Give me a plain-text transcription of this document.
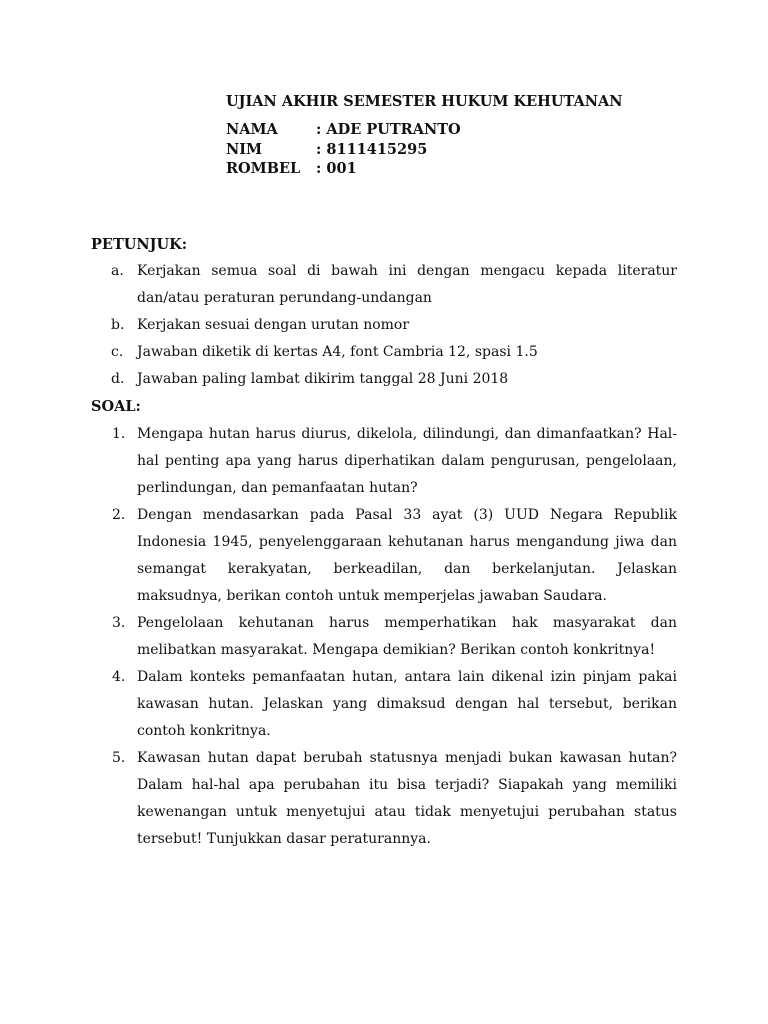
UJIAN AKHIR SEMESTER HUKUM KEHUTANAN
NAMA	: ADE PUTRANTO
NIM	: 8111415295
ROMBEL : 001
PETUNJUK:
a. Kerjakan semua soal di bawah ini dengan mengacu kepada literatur dan/atau peraturan perundang-undangan
b. Kerjakan sesuai dengan urutan nomor
c. Jawaban diketik di kertas A4, font Cambria 12, spasi 1.5
d. Jawaban paling lambat dikirim tanggal 28 Juni 2018
SOAL:
1. Mengapa hutan harus diurus, dikelola, dilindungi, dan dimanfaatkan? Hal-hal penting apa yang harus diperhatikan dalam pengurusan, pengelolaan, perlindungan, dan pemanfaatan hutan?
2. Dengan mendasarkan pada Pasal 33 ayat (3) UUD Negara Republik Indonesia 1945, penyelenggaraan kehutanan harus mengandung jiwa dan semangat kerakyatan, berkeadilan, dan berkelanjutan. Jelaskan maksudnya, berikan contoh untuk memperjelas jawaban Saudara.
3. Pengelolaan kehutanan harus memperhatikan hak masyarakat dan melibatkan masyarakat. Mengapa demikian? Berikan contoh konkritnya!
4. Dalam konteks pemanfaatan hutan, antara lain dikenal izin pinjam pakai kawasan hutan. Jelaskan yang dimaksud dengan hal tersebut, berikan contoh konkritnya.
5. Kawasan hutan dapat berubah statusnya menjadi bukan kawasan hutan? Dalam hal-hal apa perubahan itu bisa terjadi? Siapakah yang memiliki kewenangan untuk menyetujui atau tidak menyetujui perubahan status tersebut! Tunjukkan dasar peraturannya.
